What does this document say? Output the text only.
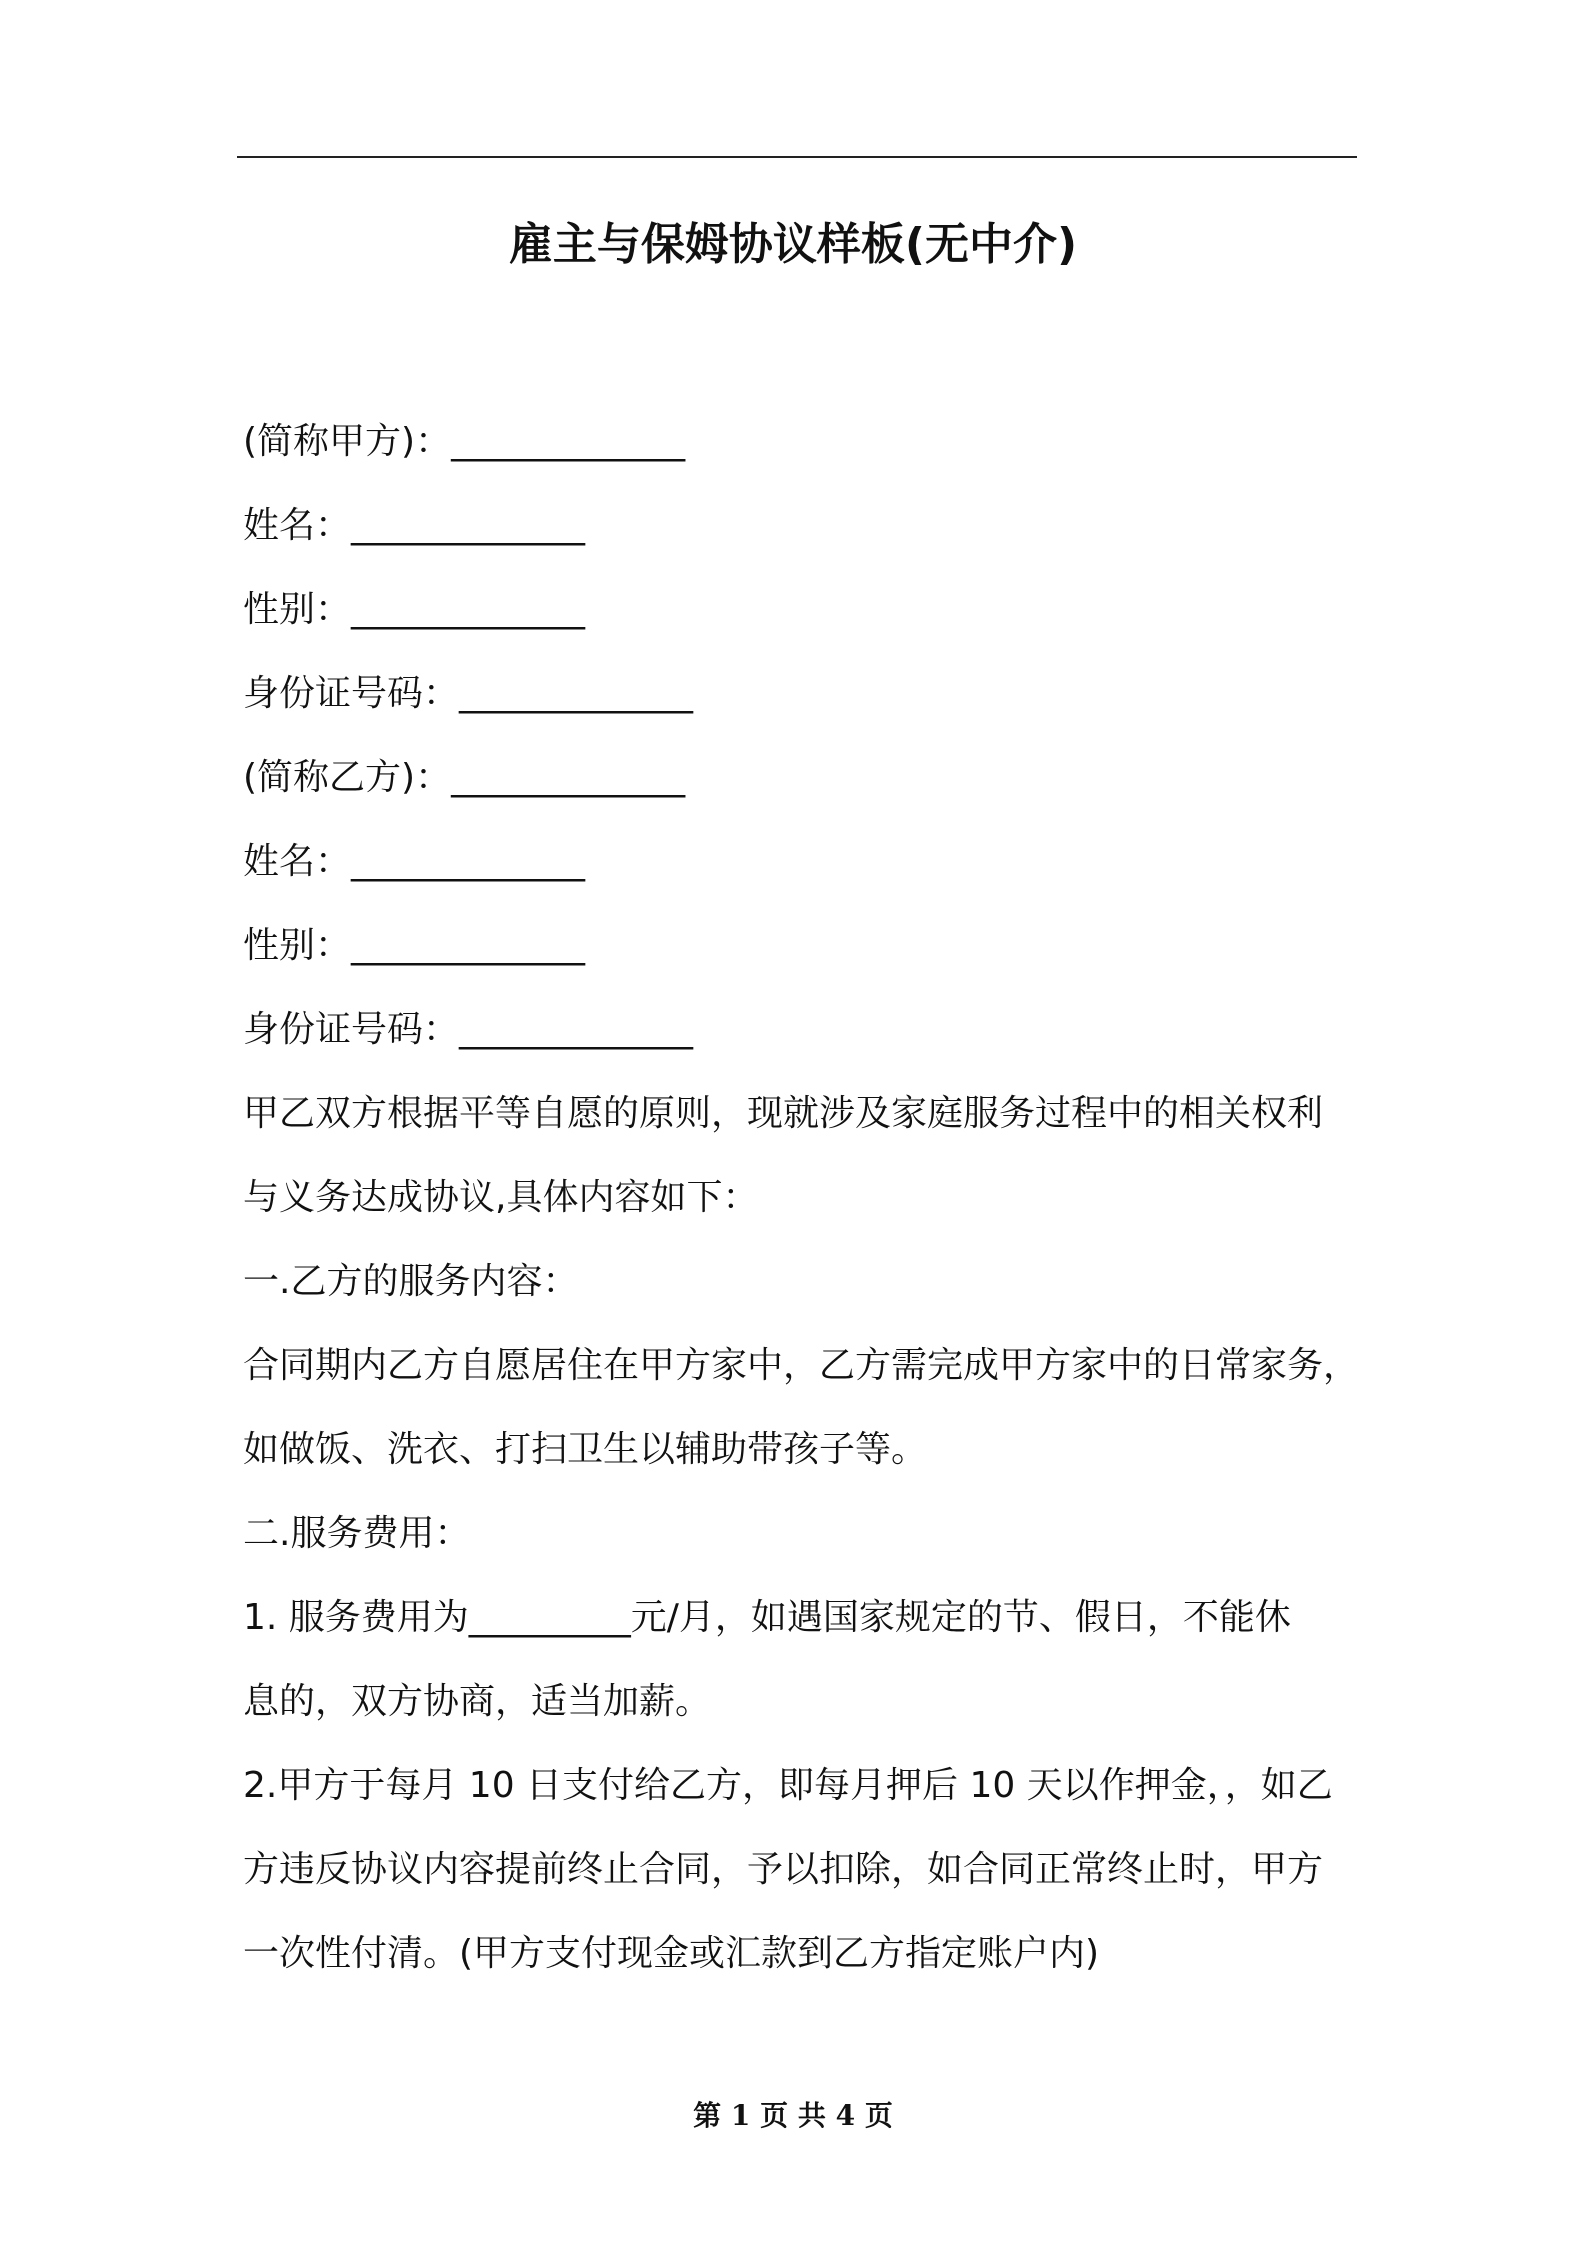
雇主与保姆协议样板(无中介)
(简称甲方)：_____________
姓名：_____________
性别：_____________
身份证号码：_____________
(简称乙方)：_____________
姓名：_____________
性别：_____________
身份证号码：_____________
甲乙双方根据平等自愿的原则，现就涉及家庭服务过程中的相关权利
与义务达成协议,具体内容如下：
一.乙方的服务内容：
合同期内乙方自愿居住在甲方家中，乙方需完成甲方家中的日常家务，
如做饭、洗衣、打扫卫生以辅助带孩子等。
二.服务费用：
1. 服务费用为_________元/月，如遇国家规定的节、假日，不能休
息的，双方协商，适当加薪。
2.甲方于每月 10 日支付给乙方，即每月押后 10 天以作押金，，如乙
方违反协议内容提前终止合同，予以扣除，如合同正常终止时，甲方
一次性付清。(甲方支付现金或汇款到乙方指定账户内)
第 1 页 共 4 页
